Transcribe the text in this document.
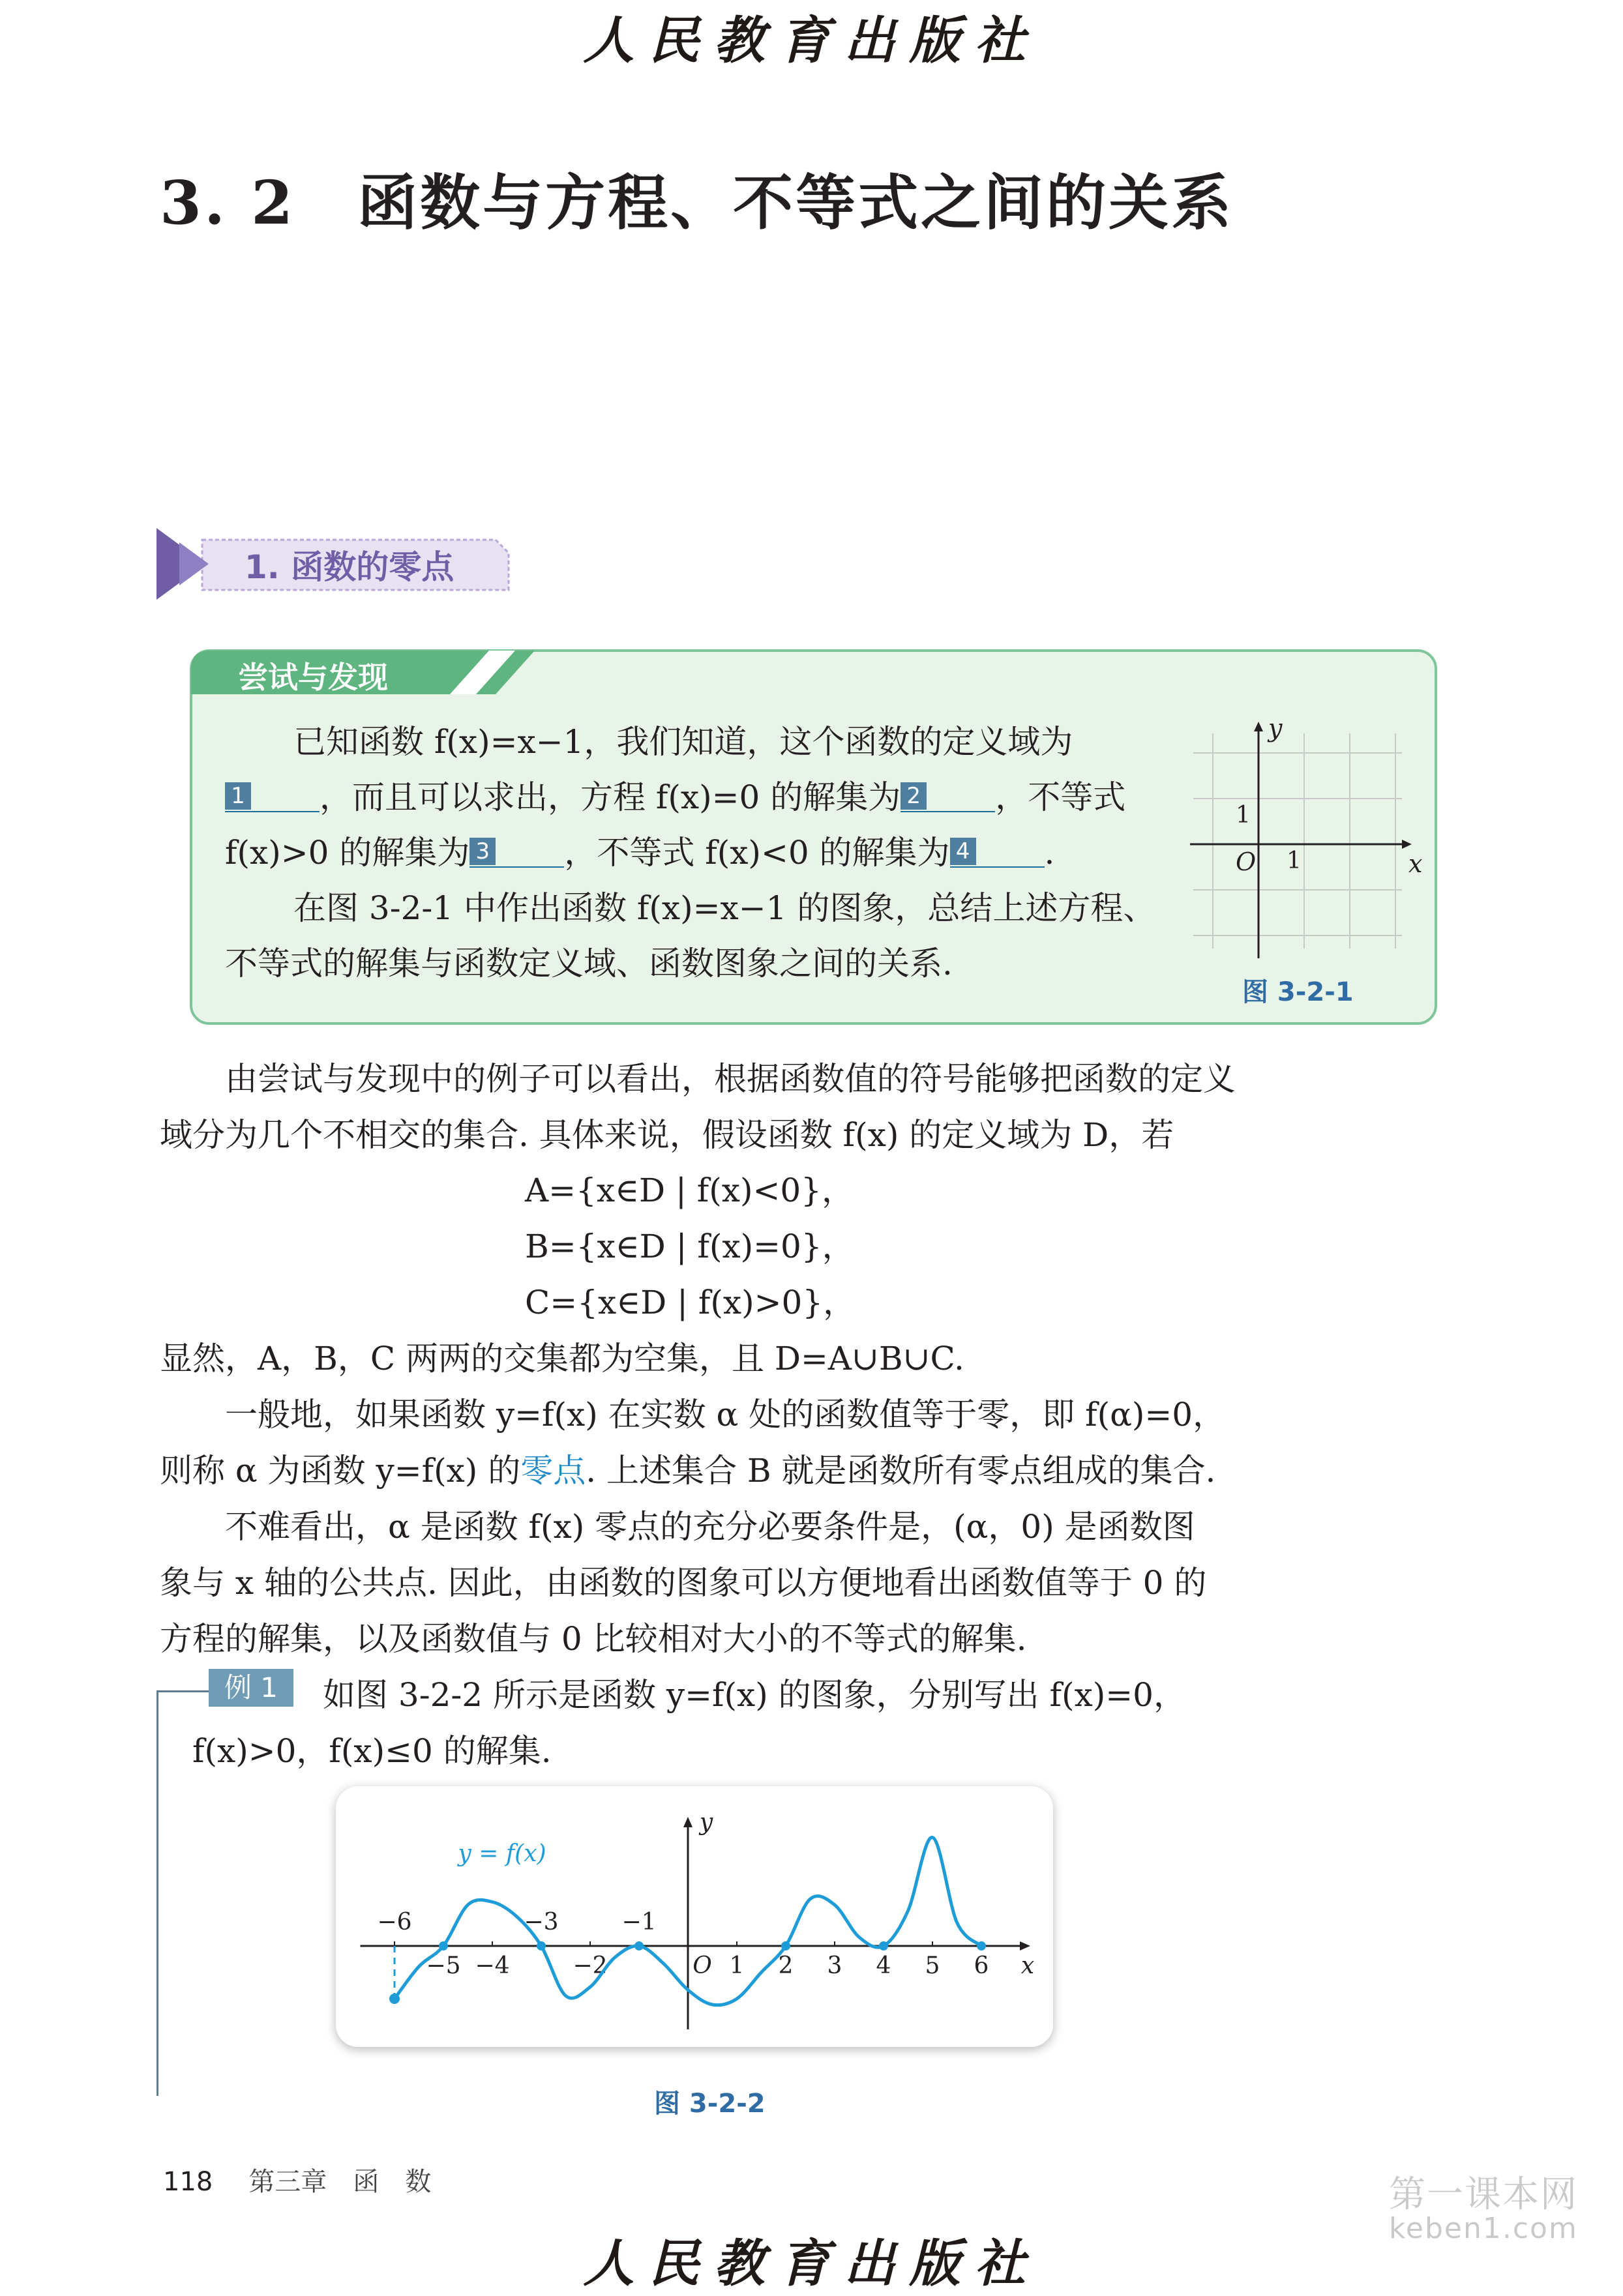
人民教育出版社
3. 2 函数与方程、不等式之间的关系
1. 函数的零点
尝试与发现
已知函数 f(x)=x−1，我们知道，这个函数的定义域为
1 ，而且可以求出，方程 f(x)=0 的解集为 2 ，不等式
f(x)>0 的解集为 3 ，不等式 f(x)<0 的解集为 4 .
在图 3-2-1 中作出函数 f(x)=x−1 的图象，总结上述方程、
不等式的解集与函数定义域、函数图象之间的关系.
y
x
O 1
1
图 3-2-1
由尝试与发现中的例子可以看出，根据函数值的符号能够把函数的定义
域分为几个不相交的集合. 具体来说，假设函数 f(x) 的定义域为 D，若
A={x∈D | f(x)<0}，
B={x∈D | f(x)=0}，
C={x∈D | f(x)>0}，
显然，A，B，C 两两的交集都为空集，且 D=A∪B∪C.
一般地，如果函数 y=f(x) 在实数 α 处的函数值等于零，即 f(α)=0，
则称 α 为函数 y=f(x) 的零点. 上述集合 B 就是函数所有零点组成的集合.
不难看出，α 是函数 f(x) 零点的充分必要条件是，(α，0) 是函数图
象与 x 轴的公共点. 因此，由函数的图象可以方便地看出函数值等于 0 的
方程的解集，以及函数值与 0 比较相对大小的不等式的解集.
例 1	如图 3-2-2 所示是函数 y=f(x) 的图象，分别写出 f(x)=0，
f(x)>0，f(x)≤0 的解集.
−5 −4	−2	1 2 3 4 5 6
−6	−3	−1
O	x
y
y = f(x)
图 3-2-2
118 第三章 函　数	第一课本网
keben1.com
人民教育出版社
